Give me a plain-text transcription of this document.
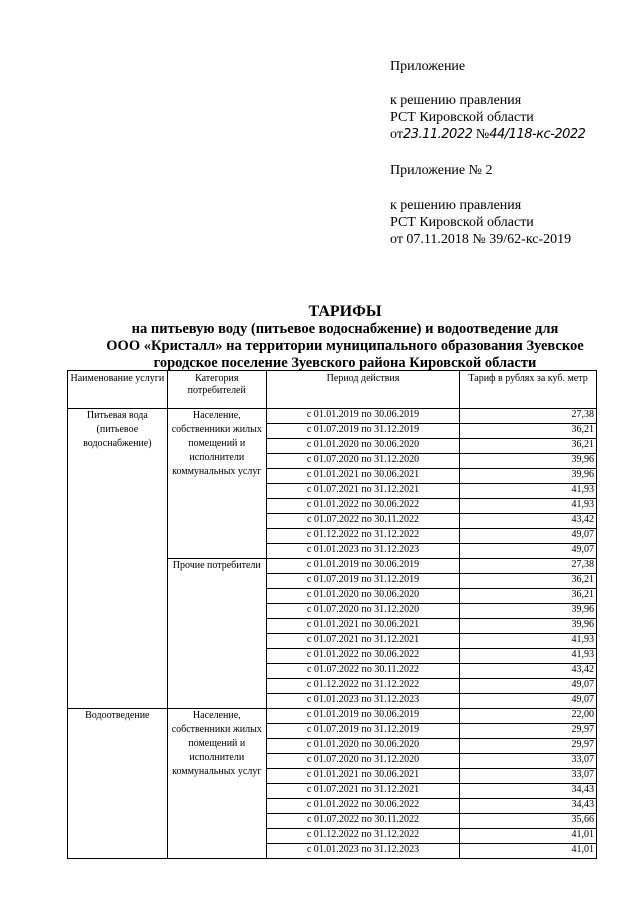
Приложение
к решению правления
РСТ Кировской области
от23.11.2022 №44/118-кс-2022
Приложение № 2
к решению правления
РСТ Кировской области
от 07.11.2018 № 39/62-кс-2019
ТАРИФЫ
на питьевую воду (питьевое водоснабжение) и водоотведение для
ООО «Кристалл» на территории муниципального образования Зуевское
городское поселение Зуевского района Кировской области
Наименование услуги	Категория потребителей	Период действия	Тариф в рублях за куб. метр
Питьевая вода (питьевое водоснабжение)	Население, собственники жилых помещений и исполнители коммунальных услуг	с 01.01.2019 по 30.06.2019	27,38
		с 01.07.2019 по 31.12.2019	36,21
		с 01.01.2020 по 30.06.2020	36,21
		с 01.07.2020 по 31.12.2020	39,96
		с 01.01.2021 по 30.06.2021	39,96
		с 01.07.2021 по 31.12.2021	41,93
		с 01.01.2022 по 30.06.2022	41,93
		с 01.07.2022 по 30.11.2022	43,42
		с 01.12.2022 по 31.12.2022	49,07
		с 01.01.2023 по 31.12.2023	49,07
	Прочие потребители	с 01.01.2019 по 30.06.2019	27,38
		с 01.07.2019 по 31.12.2019	36,21
		с 01.01.2020 по 30.06.2020	36,21
		с 01.07.2020 по 31.12.2020	39,96
		с 01.01.2021 по 30.06.2021	39,96
		с 01.07.2021 по 31.12.2021	41,93
		с 01.01.2022 по 30.06.2022	41,93
		с 01.07.2022 по 30.11.2022	43,42
		с 01.12.2022 по 31.12.2022	49,07
		с 01.01.2023 по 31.12.2023	49,07
Водоотведение	Население, собственники жилых помещений и исполнители коммунальных услуг	с 01.01.2019 по 30.06.2019	22,00
		с 01.07.2019 по 31.12.2019	29,97
		с 01.01.2020 по 30.06.2020	29,97
		с 01.07.2020 по 31.12.2020	33,07
		с 01.01.2021 по 30.06.2021	33,07
		с 01.07.2021 по 31.12.2021	34,43
		с 01.01.2022 по 30.06.2022	34,43
		с 01.07.2022 по 30.11.2022	35,66
		с 01.12.2022 по 31.12.2022	41,01
		с 01.01.2023 по 31.12.2023	41,01
